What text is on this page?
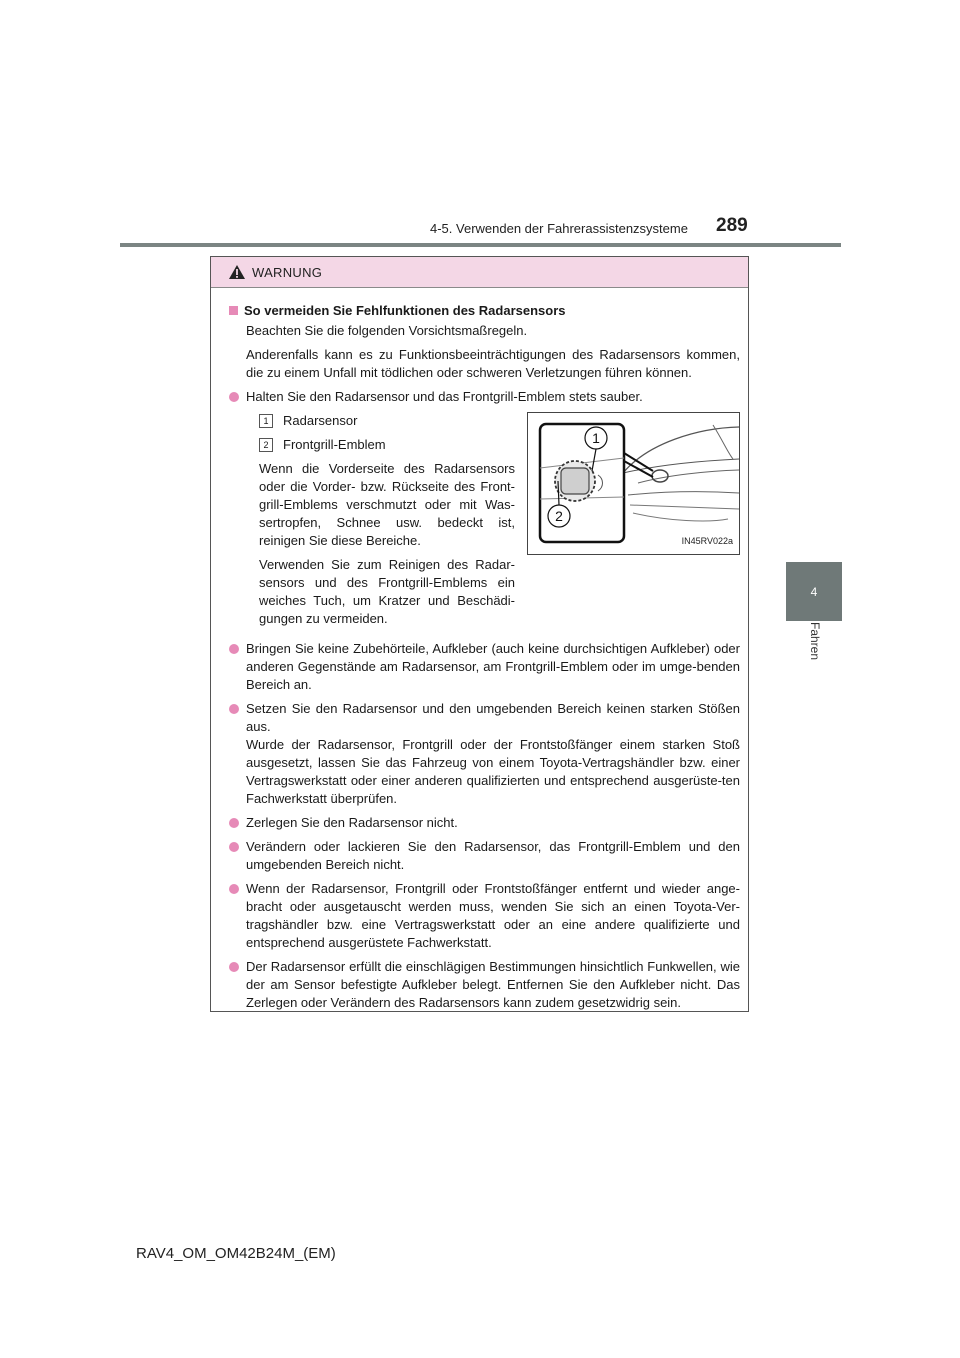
4-5. Verwenden der Fahrerassistenzsysteme 289
4
Fahren
WARNUNG
So vermeiden Sie Fehlfunktionen des Radarsensors

Beachten Sie die folgenden Vorsichtsmaßregeln.

Anderenfalls kann es zu Funktionsbeeinträchtigungen des Radarsensors kommen, die zu einem Unfall mit tödlichen oder schweren Verletzungen führen können.

Halten Sie den Radarsensor und das Frontgrill-Emblem stets sauber.
1	Radarsensor
2	Frontgrill-Emblem

Wenn die Vorderseite des Radarsensors oder die Vorder- bzw. Rückseite des Front-grill-Emblems verschmutzt oder mit Was-sertropfen, Schnee usw. bedeckt ist, reinigen Sie diese Bereiche.

Verwenden Sie zum Reinigen des Radar-sensors und des Frontgrill-Emblems ein weiches Tuch, um Kratzer und Beschädi-gungen zu vermeiden.

1
2
IN45RV022a
Bringen Sie keine Zubehörteile, Aufkleber (auch keine durchsichtigen Aufkleber) oder anderen Gegenstände am Radarsensor, am Frontgrill-Emblem oder im umge-benden Bereich an.
Setzen Sie den Radarsensor und den umgebenden Bereich keinen starken Stößen aus.
Wurde der Radarsensor, Frontgrill oder der Frontstoßfänger einem starken Stoß ausgesetzt, lassen Sie das Fahrzeug von einem Toyota-Vertragshändler bzw. einer Vertragswerkstatt oder einer anderen qualifizierten und entsprechend ausgerüste-ten Fachwerkstatt überprüfen.
Zerlegen Sie den Radarsensor nicht.
Verändern oder lackieren Sie den Radarsensor, das Frontgrill-Emblem und den umgebenden Bereich nicht.
Wenn der Radarsensor, Frontgrill oder Frontstoßfänger entfernt und wieder ange-bracht oder ausgetauscht werden muss, wenden Sie sich an einen Toyota-Ver-tragshändler bzw. eine Vertragswerkstatt oder an eine andere qualifizierte und entsprechend ausgerüstete Fachwerkstatt.
Der Radarsensor erfüllt die einschlägigen Bestimmungen hinsichtlich Funkwellen, wie der am Sensor befestigte Aufkleber belegt. Entfernen Sie den Aufkleber nicht. Das Zerlegen oder Verändern des Radarsensors kann zudem gesetzwidrig sein.
RAV4_OM_OM42B24M_(EM)
